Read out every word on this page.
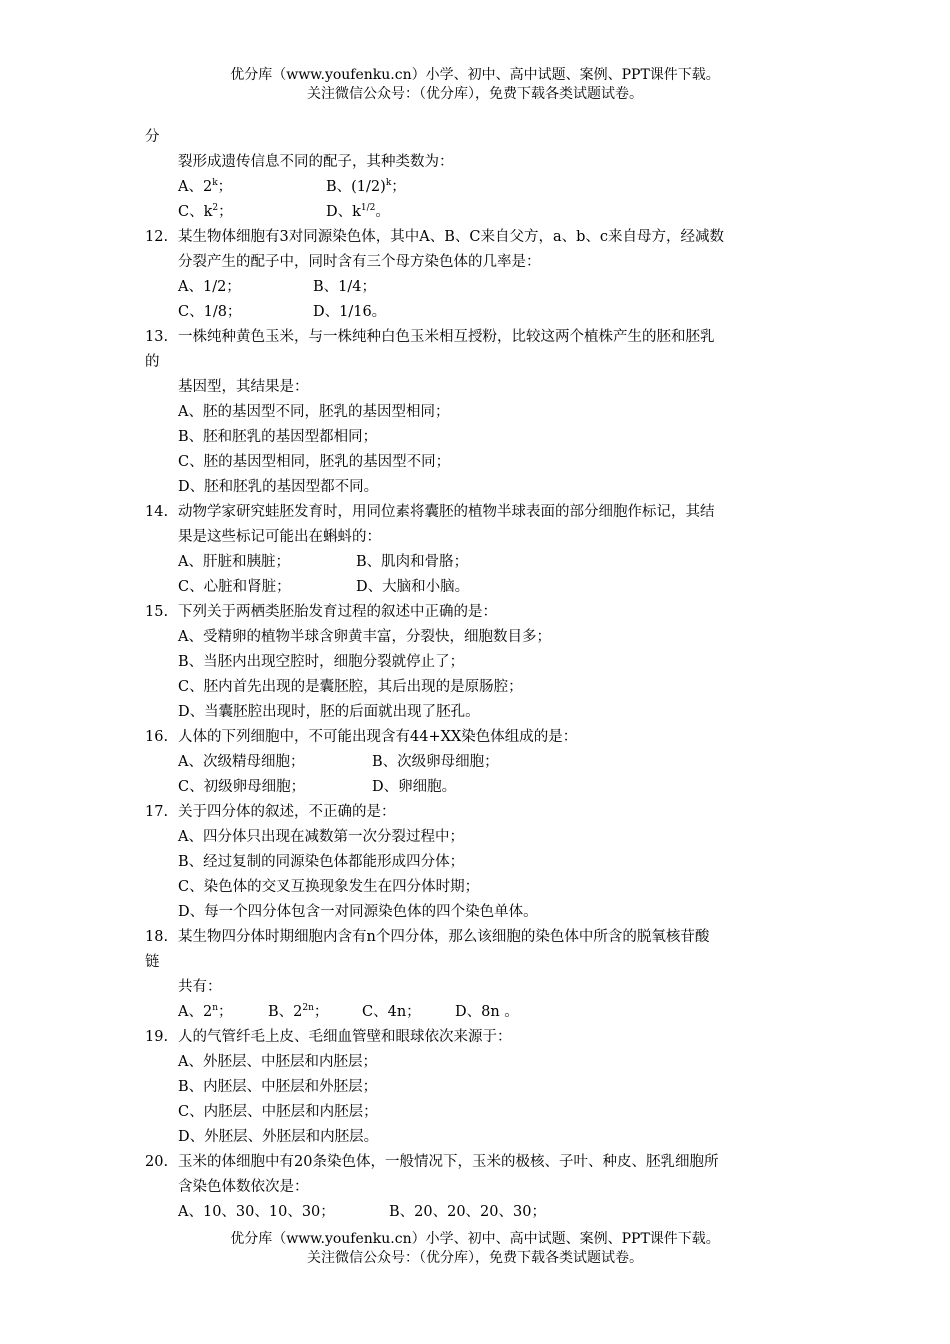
优分库（www.youfenku.cn）小学、初中、高中试题、案例、PPT课件下载。
关注微信公众号：（优分库），免费下载各类试题试卷。
分
裂形成遗传信息不同的配子，其种类数为：
A、2$^k$；	B、$(1/2)^k$；
C、$k^2$；	D、$k^{1/2}$。
12. 某生物体细胞有3对同源染色体，其中A、B、C来自父方，a、b、c来自母方，经减数
分裂产生的配子中，同时含有三个母方染色体的几率是：
A、1/2；	B、1/4；
C、1/8；	D、1/16。
13. 一株纯种黄色玉米，与一株纯种白色玉米相互授粉，比较这两个植株产生的胚和胚乳
的
基因型，其结果是：
A、胚的基因型不同，胚乳的基因型相同；
B、胚和胚乳的基因型都相同；
C、胚的基因型相同，胚乳的基因型不同；
D、胚和胚乳的基因型都不同。
14. 动物学家研究蛙胚发育时，用同位素将囊胚的植物半球表面的部分细胞作标记，其结
果是这些标记可能出在蝌蚪的：
A、肝脏和胰脏；	B、肌肉和骨胳；
C、心脏和肾脏；	D、大脑和小脑。
15. 下列关于两栖类胚胎发育过程的叙述中正确的是：
A、受精卵的植物半球含卵黄丰富，分裂快，细胞数目多；
B、当胚内出现空腔时，细胞分裂就停止了；
C、胚内首先出现的是囊胚腔，其后出现的是原肠腔；
D、当囊胚腔出现时，胚的后面就出现了胚孔。
16. 人体的下列细胞中，不可能出现含有44+XX染色体组成的是：
A、次级精母细胞；	B、次级卵母细胞；
C、初级卵母细胞；	D、卵细胞。
17. 关于四分体的叙述，不正确的是：
A、四分体只出现在减数第一次分裂过程中；
B、经过复制的同源染色体都能形成四分体；
C、染色体的交叉互换现象发生在四分体时期；
D、每一个四分体包含一对同源染色体的四个染色单体。
18. 某生物四分体时期细胞内含有n个四分体，那么该细胞的染色体中所含的脱氧核苷酸
链
共有：
A、2$^n$； B、$2^{2n}$； C、4n； D、8n 。
19. 人的气管纤毛上皮、毛细血管壁和眼球依次来源于：
A、外胚层、中胚层和内胚层；
B、内胚层、中胚层和外胚层；
C、内胚层、中胚层和内胚层；
D、外胚层、外胚层和内胚层。
20. 玉米的体细胞中有20条染色体，一般情况下，玉米的极核、子叶、种皮、胚乳细胞所
含染色体数依次是：
A、10、30、10、30；	B、20、20、20、30；
优分库（www.youfenku.cn）小学、初中、高中试题、案例、PPT课件下载。
关注微信公众号：（优分库），免费下载各类试题试卷。
